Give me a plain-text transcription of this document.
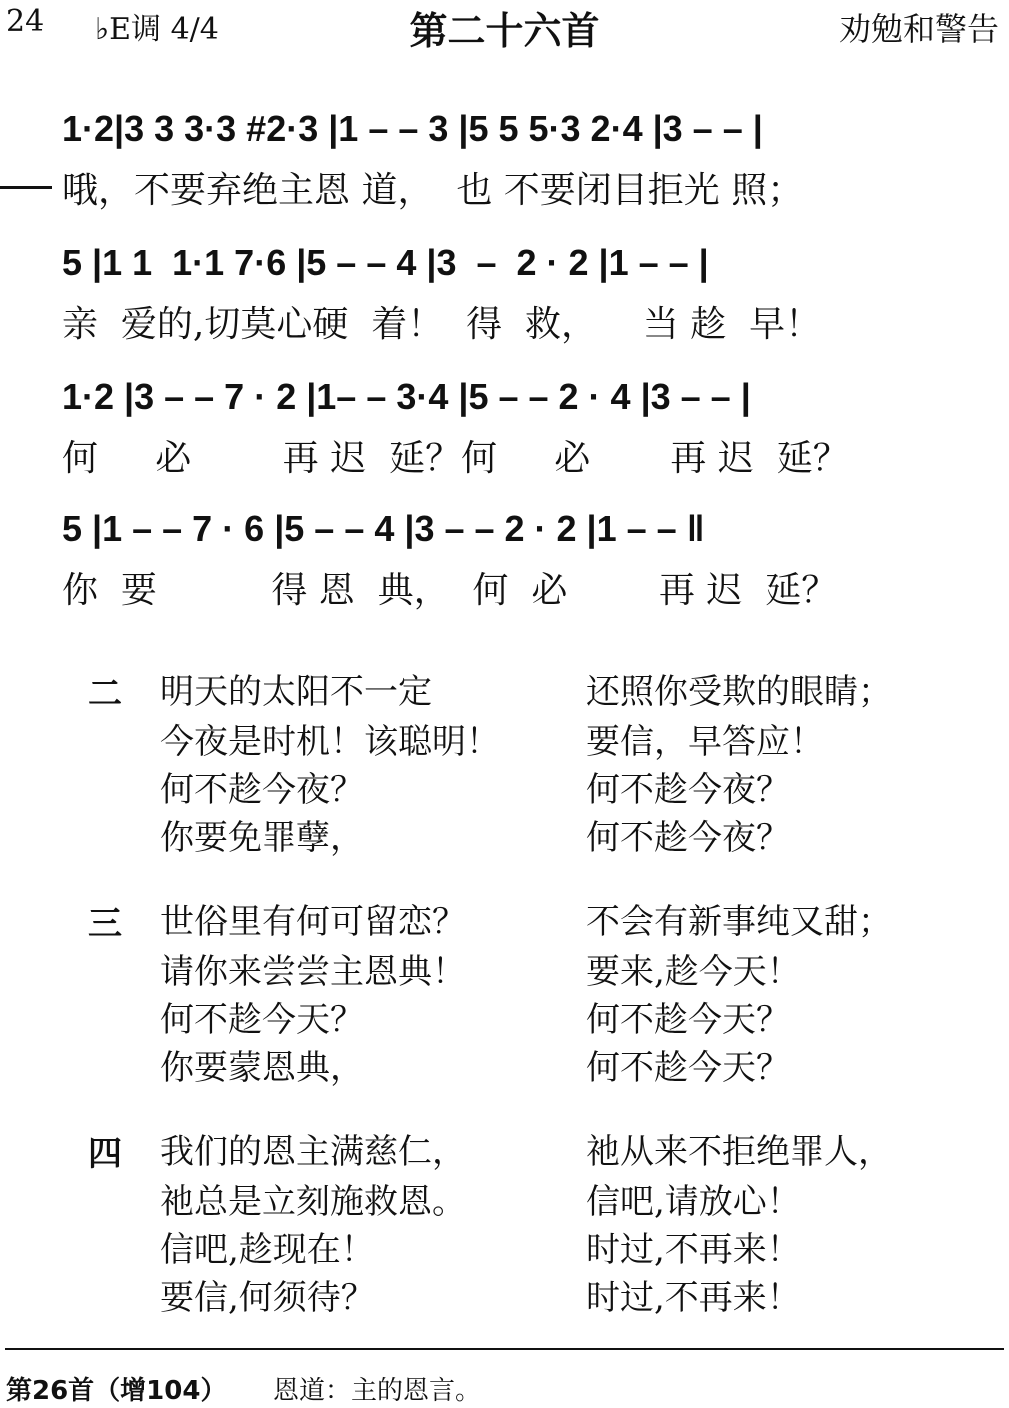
24 ♭E调 4/4	第二十六首	劝勉和警告
1·2|3 3 3·3 #2·3 |1 – – 3 |5 5 5·3 2·4 |3 – – |
哦，不要弃绝主恩 道，  也 不要闭目拒光 照；
5 |1 1  1·1 7·6 |5 – – 4 |3  –  2 · 2 |1 – – |
亲  爱的,切莫心硬  着！  得  救，    当 趁  早！
1·2 |3 – – 7 · 2 |1– – 3·4 |5 – – 2 · 4 |3 – – |
何     必        再 迟  延？何     必       再 迟  延？
5 |1 – – 7 · 6 |5 – – 4 |3 – – 2 · 2 |1 – – ‖
你  要          得 恩  典，  何  必        再 迟  延？
二 明天的太阳不一定
今夜是时机！该聪明！
何不趁今夜？
你要免罪孽，
还照你受欺的眼睛；
要信，早答应！
何不趁今夜？
何不趁今夜？
三 世俗里有何可留恋？
请你来尝尝主恩典！
何不趁今天？
你要蒙恩典，
不会有新事纯又甜；
要来,趁今天！
何不趁今天？
何不趁今天？
四 我们的恩主满慈仁，
祂总是立刻施救恩。
信吧,趁现在！
要信,何须待？
祂从来不拒绝罪人，
信吧,请放心！
时过,不再来！
时过,不再来！
第26首（增104） 恩道：主的恩言。
